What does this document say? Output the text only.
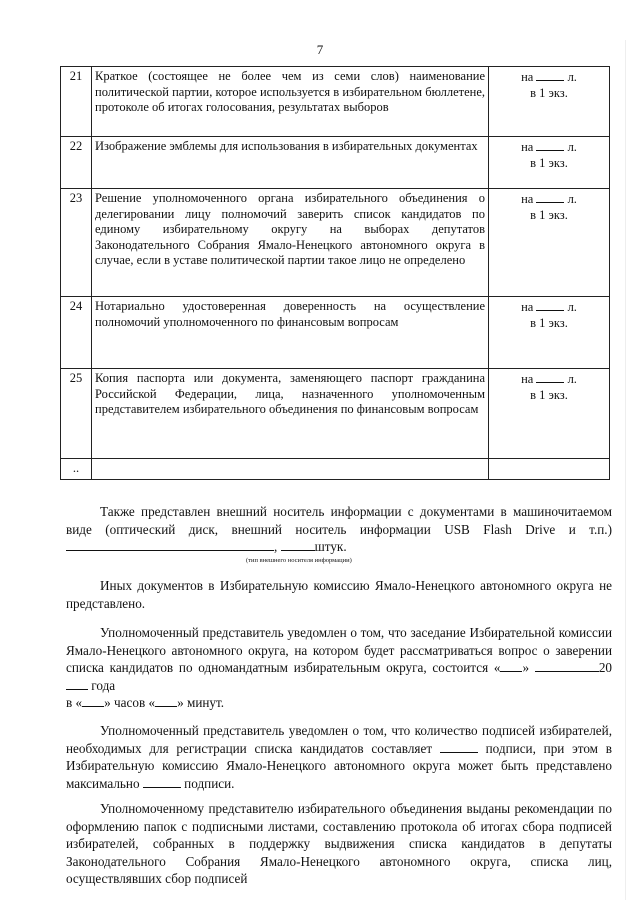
7
21	Краткое (состоящее не более чем из семи слов) наименование политической партии, которое используется в избирательном бюллетене, протоколе об итогах голосования, результатах выборов	на л.
в 1 экз.

22	Изображение эмблемы для использования в избирательных документах	на л.
в 1 экз.

23	Решение уполномоченного органа избирательного объединения о делегировании лицу полномочий заверить список кандидатов по единому избирательному округу на выборах депутатов Законодательного Собрания Ямало-Ненецкого автономного округа в случае, если в уставе политической партии такое лицо не определено	на л.
в 1 экз.

24	Нотариально удостоверенная доверенность на осуществление полномочий уполномоченного по финансовым вопросам	на л.
в 1 экз.

25	Копия паспорта или документа, заменяющего паспорт гражданина Российской Федерации, лица, назначенного уполномоченным представителем избирательного объединения по финансовым вопросам	на л.
в 1 экз.

..		
Также представлен внешний носитель информации с документами в машиночитаемом виде (оптический диск, внешний носитель информации USB Flash Drive и т.п.) ,	штук.
(тип внешнего носителя информации)
Иных документов в Избирательную комиссию Ямало-Ненецкого автономного округа не представлено.
Уполномоченный представитель уведомлен о том, что заседание Избирательной комиссии Ямало-Ненецкого автономного округа, на котором будет рассматриваться вопрос о заверении списка кандидатов по одномандатным избирательным округа, состоится « »	20 года
в « » часов « » минут.
Уполномоченный представитель уведомлен о том, что количество подписей избирателей, необходимых для регистрации списка кандидатов составляет	подписи, при этом в Избирательную комиссию Ямало-Ненецкого автономного округа может быть представлено максимально	подписи.
Уполномоченному представителю избирательного объединения выданы рекомендации по оформлению папок с подписными листами, составлению протокола об итогах сбора подписей избирателей, собранных в поддержку выдвижения списка кандидатов в депутаты Законодательного Собрания Ямало-Ненецкого автономного округа, списка лиц, осуществлявших сбор подписей
